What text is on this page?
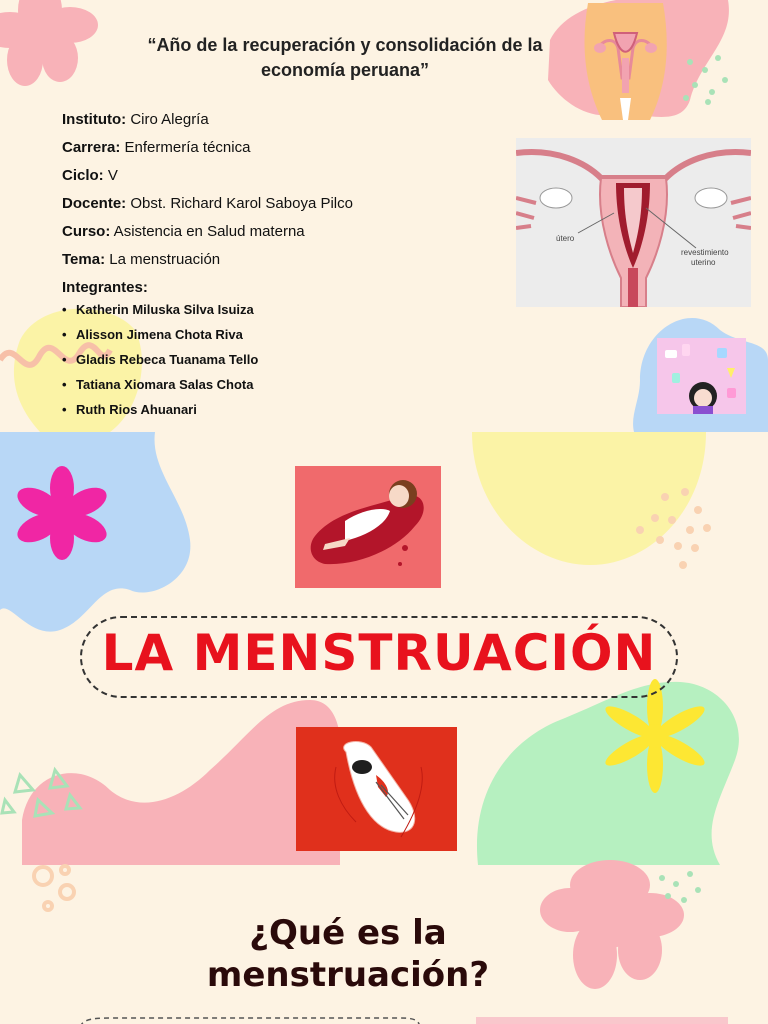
“Año de la recuperación y consolidación de la economía peruana”
Instituto: Ciro Alegría
Carrera: Enfermería técnica
Ciclo: V
Docente: Obst. Richard Karol Saboya Pilco
Curso: Asistencia en Salud materna
Tema: La menstruación
Integrantes:
• Katherin Miluska Silva Isuiza
• Alisson Jimena Chota Riva
• Gladis Rebeca Tuanama Tello
• Tatiana Xiomara Salas Chota
• Ruth Rios Ahuanari
útero
revestimiento
uterino
LA MENSTRUACIÓN
¿Qué es la menstruación?
